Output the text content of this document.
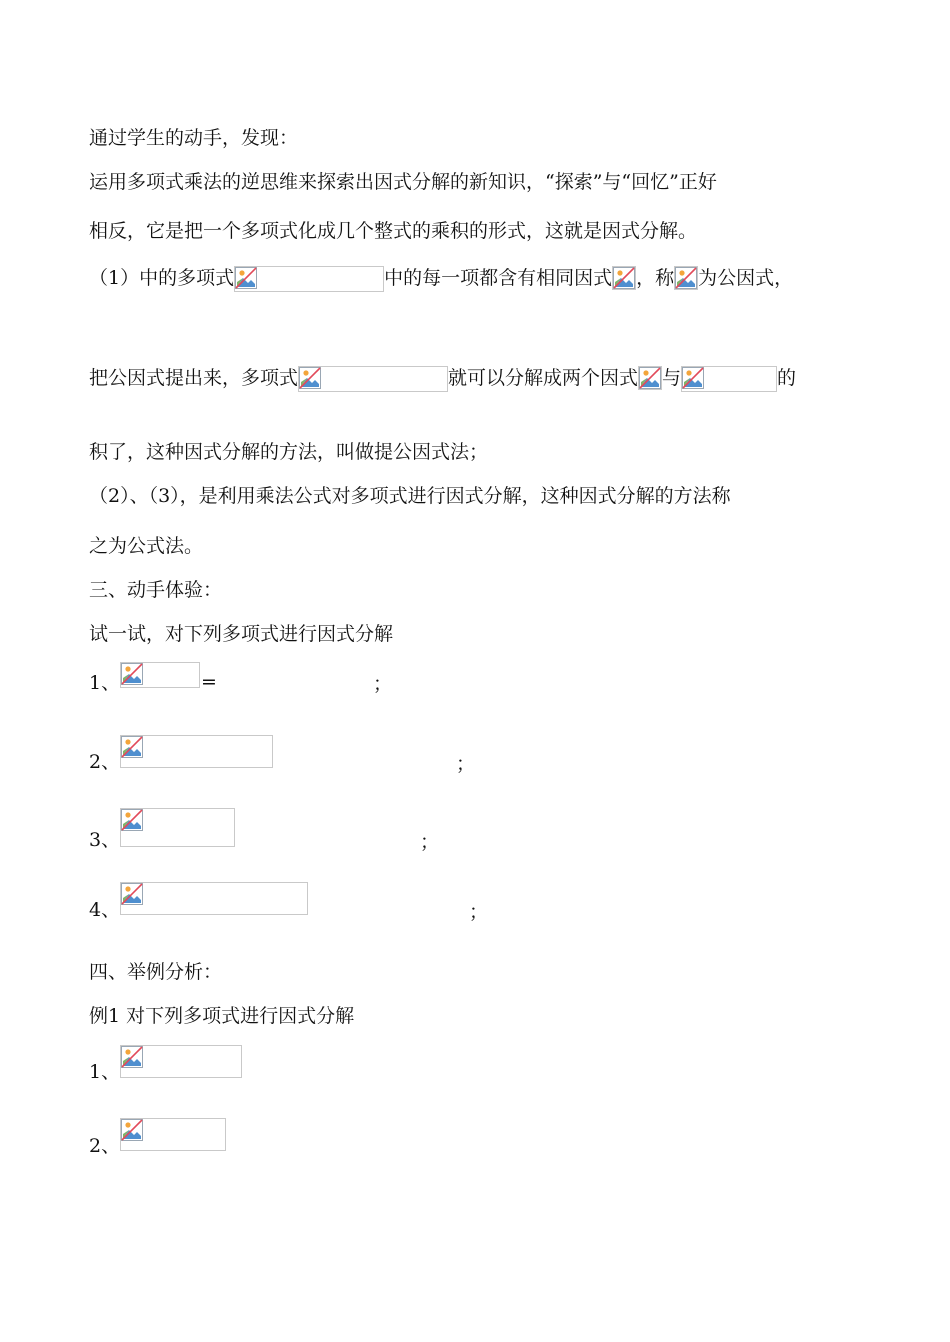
通过学生的动手，发现：
运用多项式乘法的逆思维来探索出因式分解的新知识，“探索”与“回忆”正好
相反，它是把一个多项式化成几个整式的乘积的形式，这就是因式分解。
（1）中的多项式	中的每一项都含有相同因式 ，称 为公因式，
把公因式提出来，多项式	就可以分解成两个因式 与	的
积了，这种因式分解的方法，叫做提公因式法；
（2）、（3），是利用乘法公式对多项式进行因式分解，这种因式分解的方法称
之为公式法。
三、动手体验：
试一试，对下列多项式进行因式分解
1、	=	；
2、	；
3、	；
4、	；
四、举例分析：
例1 对下列多项式进行因式分解
1、
2、
